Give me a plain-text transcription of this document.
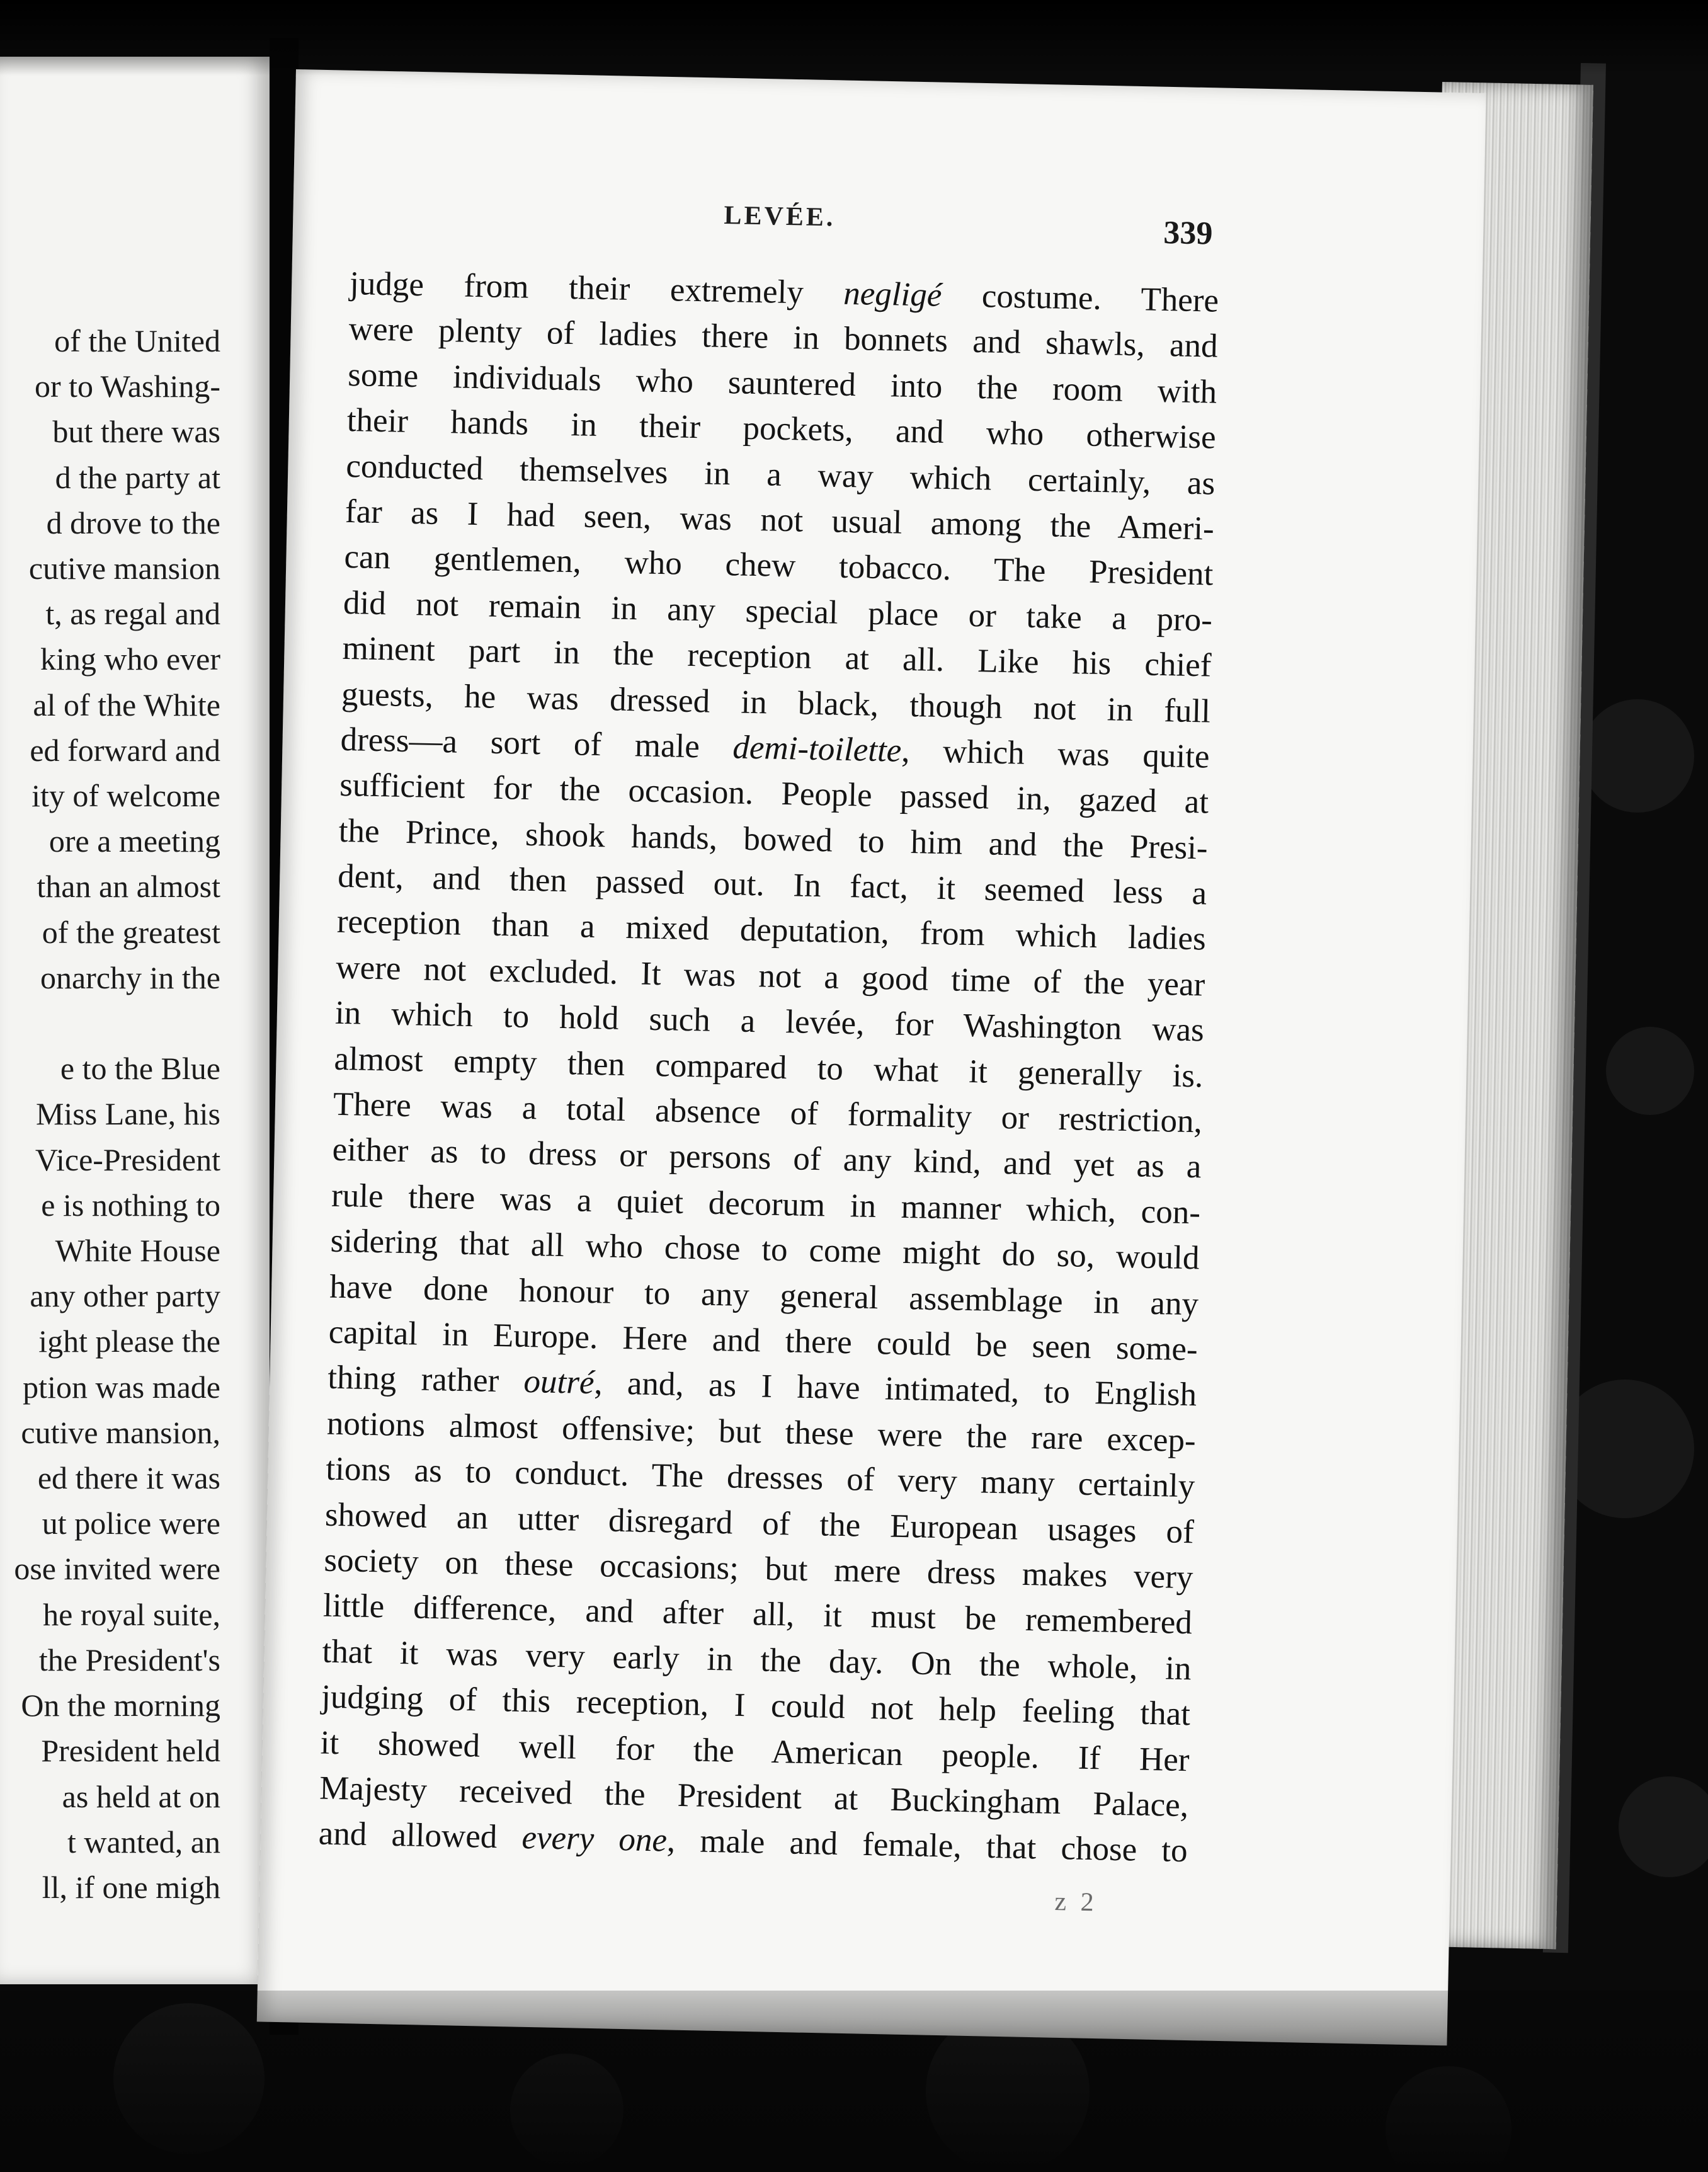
of the United
or to Washing-
but there was
d the party at
d drove to the
cutive mansion
t, as regal and
king who ever
al of the White
ed forward and
ity of welcome
ore a meeting
than an almost
of the greatest
onarchy in the

e to the Blue
Miss Lane, his
Vice-President
e is nothing to
White House
any other party
ight please the
ption was made
cutive mansion,
ed there it was
ut police were
ose invited were
he royal suite,
the President's
On the morning
President held
as held at on
t wanted, an
ll, if one migh
LEVÉE.	339
judge from their extremely negligé costume. There
were plenty of ladies there in bonnets and shawls, and
some individuals who sauntered into the room with
their hands in their pockets, and who otherwise
conducted themselves in a way which certainly, as
far as I had seen, was not usual among the Ameri-
can gentlemen, who chew tobacco. The President
did not remain in any special place or take a pro-
minent part in the reception at all. Like his chief
guests, he was dressed in black, though not in full
dress—a sort of male demi-toilette, which was quite
sufficient for the occasion. People passed in, gazed at
the Prince, shook hands, bowed to him and the Presi-
dent, and then passed out. In fact, it seemed less a
reception than a mixed deputation, from which ladies
were not excluded. It was not a good time of the year
in which to hold such a levée, for Washington was
almost empty then compared to what it generally is.
There was a total absence of formality or restriction,
either as to dress or persons of any kind, and yet as a
rule there was a quiet decorum in manner which, con-
sidering that all who chose to come might do so, would
have done honour to any general assemblage in any
capital in Europe. Here and there could be seen some-
thing rather outré, and, as I have intimated, to English
notions almost offensive; but these were the rare excep-
tions as to conduct. The dresses of very many certainly
showed an utter disregard of the European usages of
society on these occasions; but mere dress makes very
little difference, and after all, it must be remembered
that it was very early in the day. On the whole, in
judging of this reception, I could not help feeling that
it showed well for the American people. If Her
Majesty received the President at Buckingham Palace,
and allowed every one, male and female, that chose to
z 2
